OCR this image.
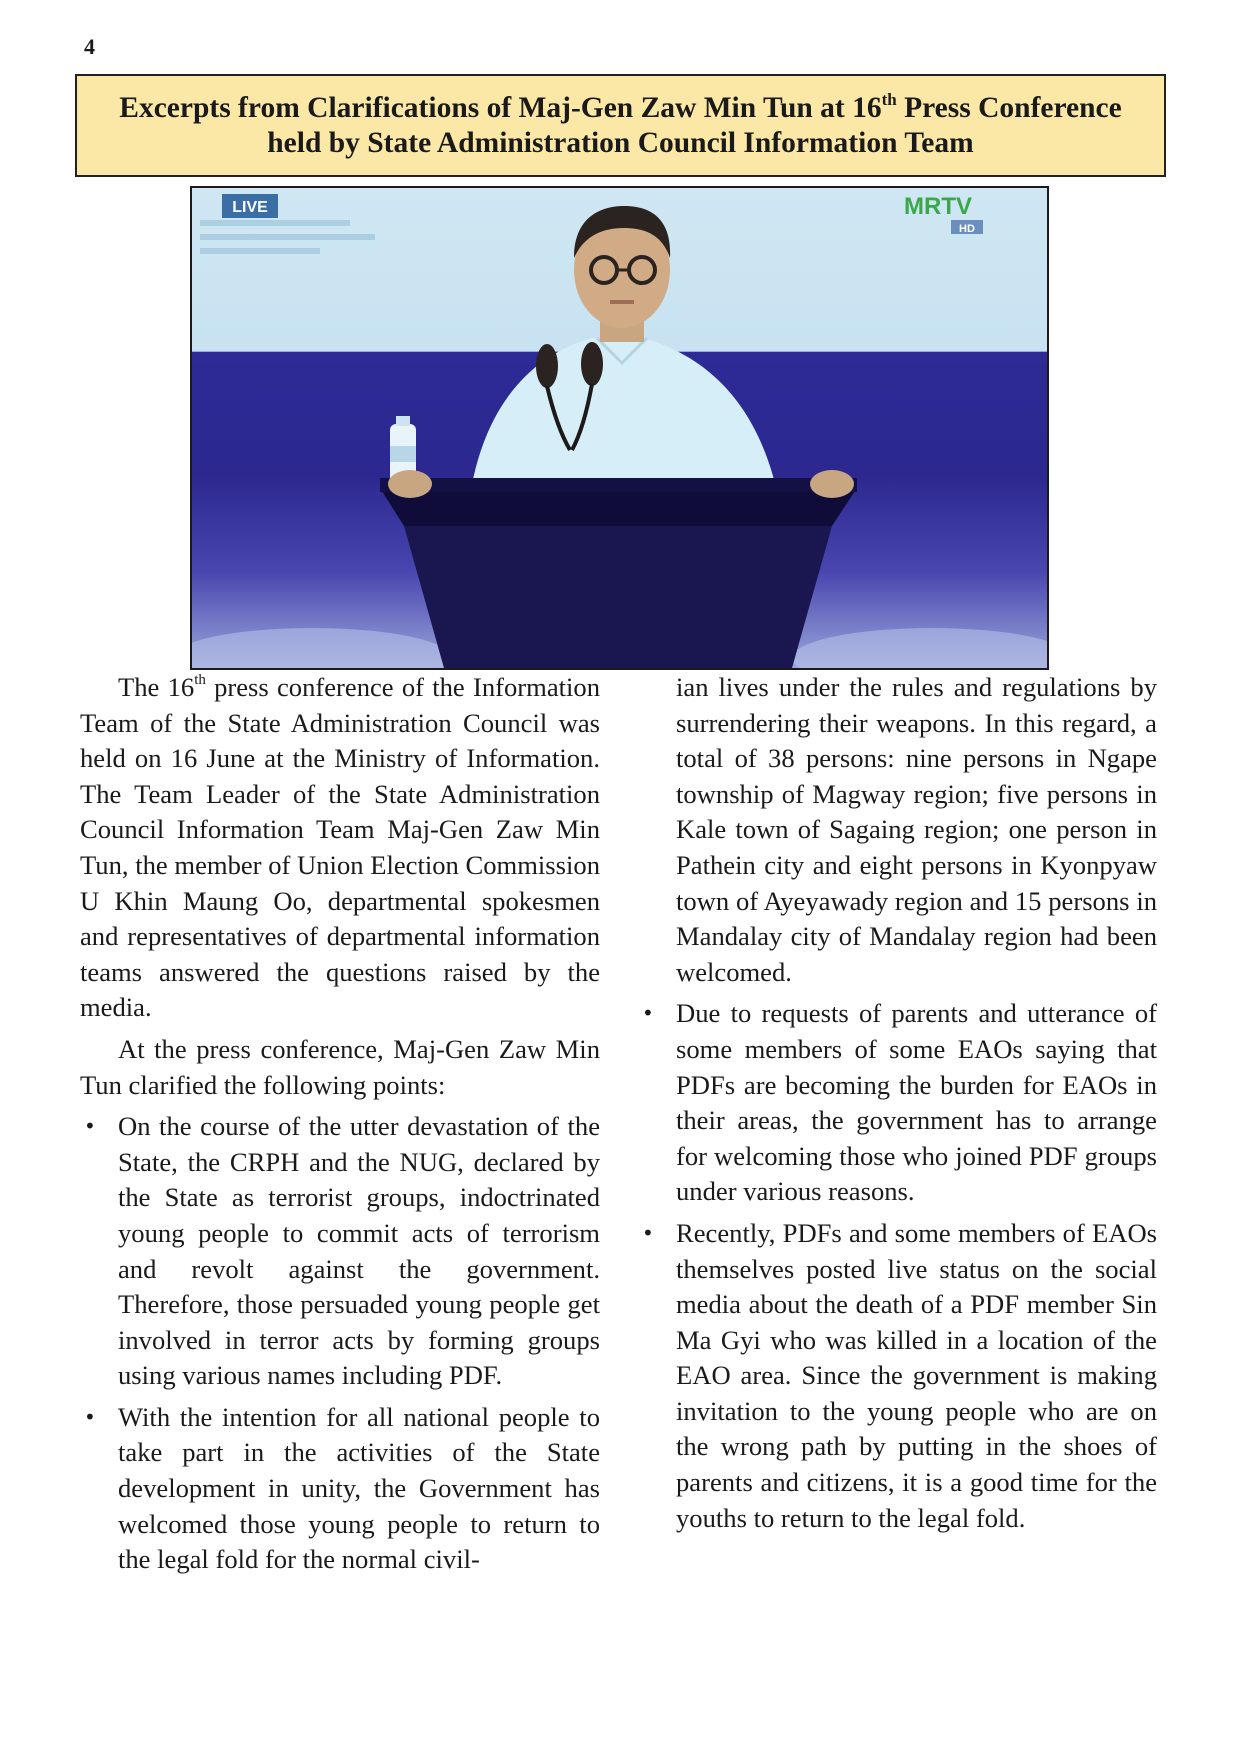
4
Excerpts from Clarifications of Maj-Gen Zaw Min Tun at 16th Press Conference
held by State Administration Council Information Team
LIVE	MRTV
HD

The 16th press conference of the Information Team of the State Administration Council was held on 16 June at the Ministry of Information. The Team Leader of the State Administration Council Information Team Maj-Gen Zaw Min Tun, the member of Union Election Commission U Khin Maung Oo, departmental spokesmen and representatives of departmental information teams answered the questions raised by the media.

At the press conference, Maj-Gen Zaw Min Tun clarified the following points:

• On the course of the utter devastation of the State, the CRPH and the NUG, declared by the State as terrorist groups, indoctrinated young people to commit acts of terrorism and revolt against the government. Therefore, those persuaded young people get involved in terror acts by forming groups using various names including PDF.

• With the intention for all national people to take part in the activities of the State development in unity, the Government has welcomed those young people to return to the legal fold for the normal civil-

ian lives under the rules and regulations by surrendering their weapons. In this regard, a total of 38 persons: nine persons in Ngape township of Magway region; five persons in Kale town of Sagaing region; one person in Pathein city and eight persons in Kyonpyaw town of Ayeyawady region and 15 persons in Mandalay city of Mandalay region had been welcomed.

• Due to requests of parents and utterance of some members of some EAOs saying that PDFs are becoming the burden for EAOs in their areas, the government has to arrange for welcoming those who joined PDF groups under various reasons.

• Recently, PDFs and some members of EAOs themselves posted live status on the social media about the death of a PDF member Sin Ma Gyi who was killed in a location of the EAO area. Since the government is making invitation to the young people who are on the wrong path by putting in the shoes of parents and citizens, it is a good time for the youths to return to the legal fold.
